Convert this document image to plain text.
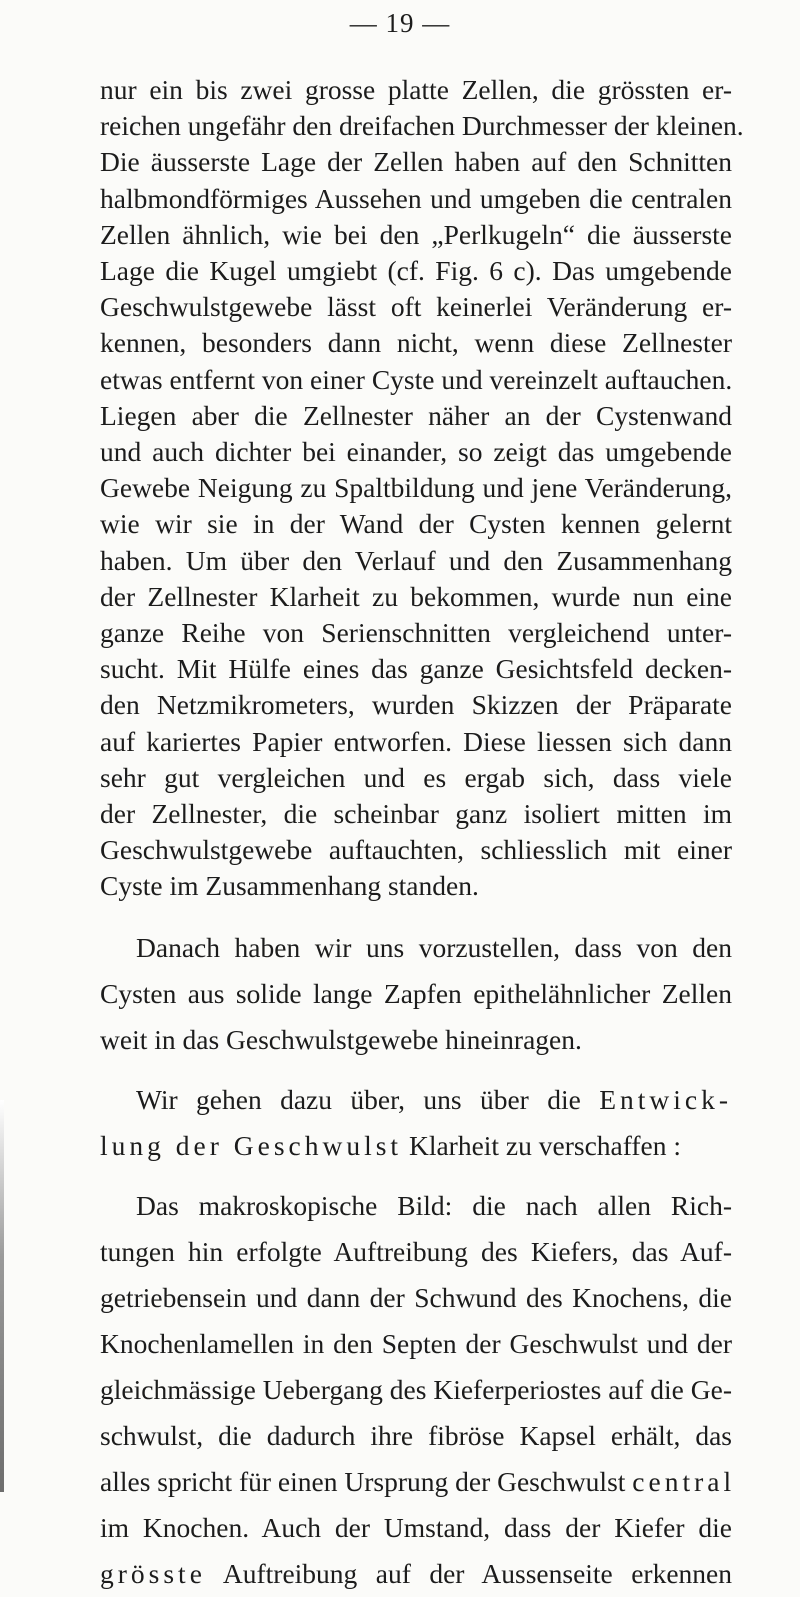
— 19 —
nur ein bis zwei grosse platte Zellen, die grössten er-
reichen ungefähr den dreifachen Durchmesser der kleinen.
Die äusserste Lage der Zellen haben auf den Schnitten
halbmondförmiges Aussehen und umgeben die centralen
Zellen ähnlich, wie bei den „Perlkugeln“ die äusserste
Lage die Kugel umgiebt (cf. Fig. 6 c). Das umgebende
Geschwulstgewebe lässt oft keinerlei Veränderung er-
kennen, besonders dann nicht, wenn diese Zellnester
etwas entfernt von einer Cyste und vereinzelt auftauchen.
Liegen aber die Zellnester näher an der Cystenwand
und auch dichter bei einander, so zeigt das umgebende
Gewebe Neigung zu Spaltbildung und jene Veränderung,
wie wir sie in der Wand der Cysten kennen gelernt
haben. Um über den Verlauf und den Zusammenhang
der Zellnester Klarheit zu bekommen, wurde nun eine
ganze Reihe von Serienschnitten vergleichend unter-
sucht. Mit Hülfe eines das ganze Gesichtsfeld decken-
den Netzmikrometers, wurden Skizzen der Präparate
auf kariertes Papier entworfen. Diese liessen sich dann
sehr gut vergleichen und es ergab sich, dass viele
der Zellnester, die scheinbar ganz isoliert mitten im
Geschwulstgewebe auftauchten, schliesslich mit einer
Cyste im Zusammenhang standen.
Danach haben wir uns vorzustellen, dass von den
Cysten aus solide lange Zapfen epithelähnlicher Zellen
weit in das Geschwulstgewebe hineinragen.
Wir gehen dazu über, uns über die Entwick-
lung der Geschwulst Klarheit zu verschaffen :
Das makroskopische Bild: die nach allen Rich-
tungen hin erfolgte Auftreibung des Kiefers, das Auf-
getriebensein und dann der Schwund des Knochens, die
Knochenlamellen in den Septen der Geschwulst und der
gleichmässige Uebergang des Kieferperiostes auf die Ge-
schwulst, die dadurch ihre fibröse Kapsel erhält, das
alles spricht für einen Ursprung der Geschwulst central
im Knochen. Auch der Umstand, dass der Kiefer die
grösste Auftreibung auf der Aussenseite erkennen
